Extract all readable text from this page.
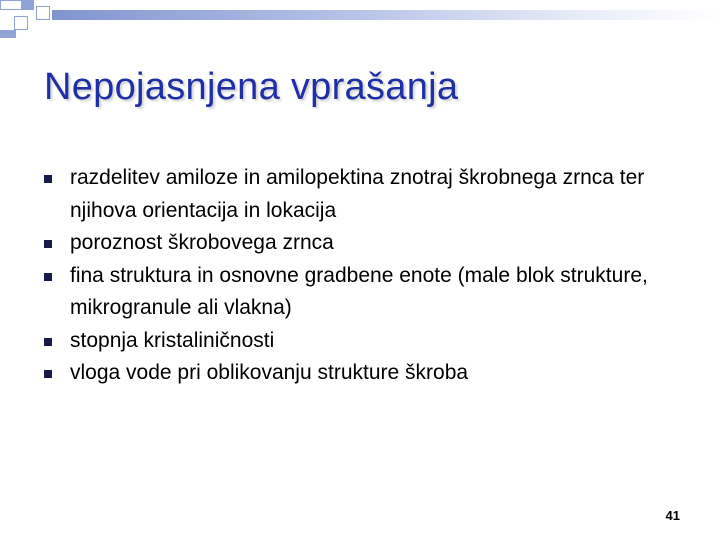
Nepojasnjena vprašanja
razdelitev amiloze in amilopektina znotraj škrobnega zrnca ter njihova orientacija in lokacija
poroznost škrobovega zrnca
fina struktura in osnovne gradbene enote (male blok strukture, mikrogranule ali vlakna)
stopnja kristaliničnosti
vloga vode pri oblikovanju strukture škroba
41
